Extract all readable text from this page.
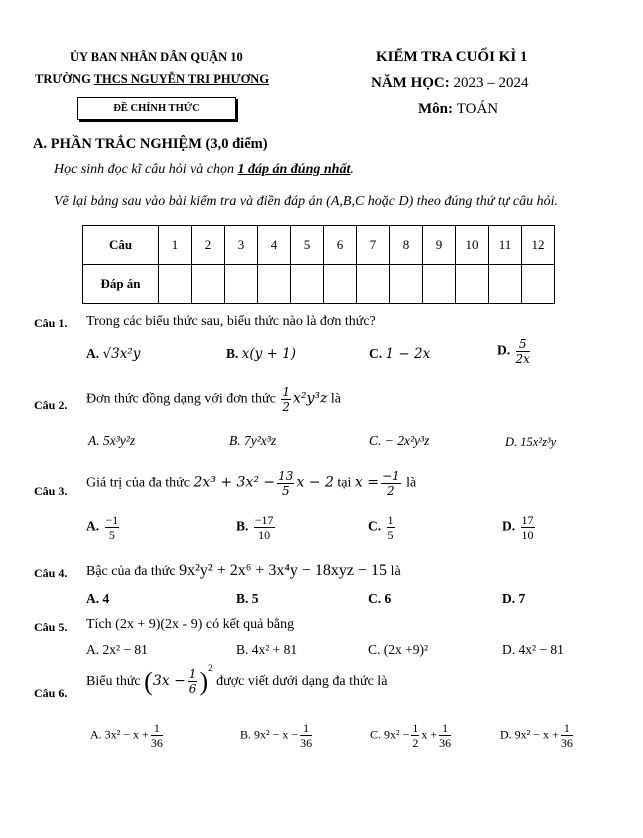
ỦY BAN NHÂN DÂN QUẬN 10
TRƯỜNG THCS NGUYỄN TRI PHƯƠNG
ĐỀ CHÍNH THỨC
KIỂM TRA CUỐI KÌ 1
NĂM HỌC: 2023 – 2024
Môn: TOÁN
A. PHẦN TRẮC NGHIỆM (3,0 điểm)
Học sinh đọc kĩ câu hỏi và chọn 1 đáp án đúng nhất.
Vẽ lại bảng sau vào bài kiểm tra và điền đáp án (A,B,C hoặc D) theo đúng thứ tự câu hỏi.
Câu	1	2	3	4	5	6	7	8	9	10	11	12
Đáp án												
Câu 1. Trong các biểu thức sau, biểu thức nào là đơn thức?
A. √3x²y	B. x(y + 1)	C. 1 − 2x	D. $\frac{5}{2x}$
Câu 2. Đơn thức đồng dạng với đơn thức $\frac{1}{2} x^2y^3z$ là
A. 5x³y²z	B. 7y²x³z	C. − 2x²y³z	D. 15x²z³y
Câu 3.
Giá trị của đa thức $2x^3 + 3x^2 - \frac{13}{5}$ x − 2 tại $x = \frac{-1}{2}$ là
A. $\frac{-1}{5}$	B. $\frac{-17}{10}$	C. $\frac{1}{5}$	D. $\frac{17}{10}$
Câu 4. Bậc của đa thức 9x²y² + 2x⁶ + 3x⁴y − 18xyz − 15 là
A. 4	B. 5	C. 6	D. 7
Câu 5. Tích (2x + 9)(2x - 9) có kết quả bằng
A. 2x² − 81	B. 4x² + 81	C. (2x +9)²	D. 4x² − 81
Câu 6.
Biểu thức $(3x - \frac{1}{6} )^2$ được viết dưới dạng đa thức là
A. $3x^2 - x + \frac{1}{36}$	B. $9x^2 - x - \frac{1}{36}$	C. $9x^2 - \frac{1}{2}$ $x + \frac{1}{36}$	D. $9x^2 - x + \frac{1}{36}$
